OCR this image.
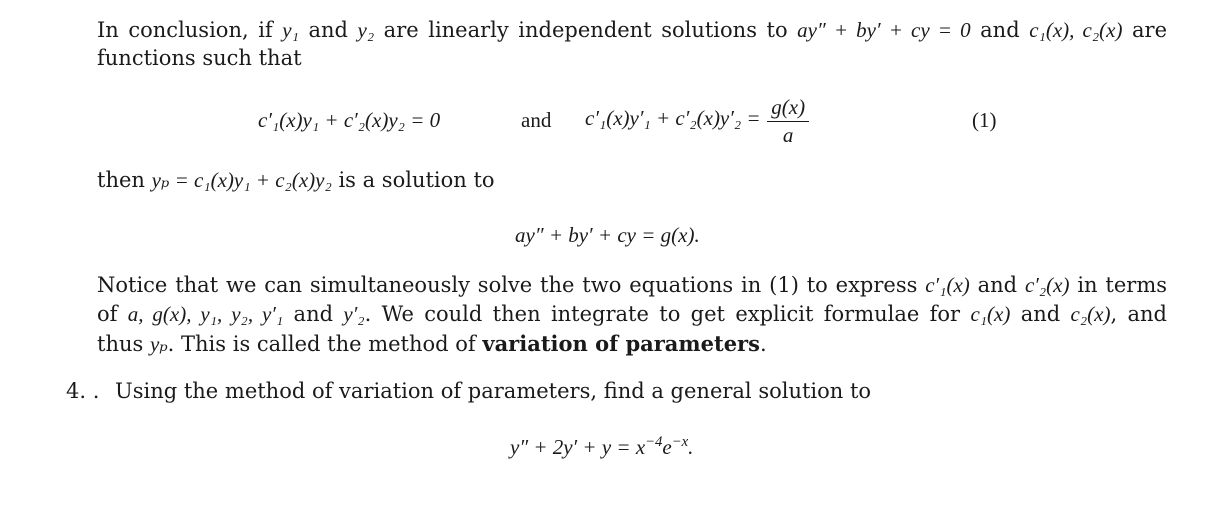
In conclusion, if y₁ and y₂ are linearly independent solutions to ay″ + by′ + cy = 0 and c₁(x), c₂(x) are
functions such that
c′₁(x)y₁ + c′₂(x)y₂ = 0	and $c'_1(x)y'_1 + c'_2(x)y'_2 = \frac{g(x)}{a}$	(1)
then yₚ = c₁(x)y₁ + c₂(x)y₂ is a solution to
ay″ + by′ + cy = g(x).
Notice that we can simultaneously solve the two equations in (1) to express c′₁(x) and c′₂(x) in terms
of a, g(x), y₁, y₂, y′₁ and y′₂. We could then integrate to get explicit formulae for c₁(x) and c₂(x), and
thus yₚ. This is called the method of variation of parameters.
4. . Using the method of variation of parameters, find a general solution to
$y'' + 2y' + y = x^{-4}e^{-x}$.
